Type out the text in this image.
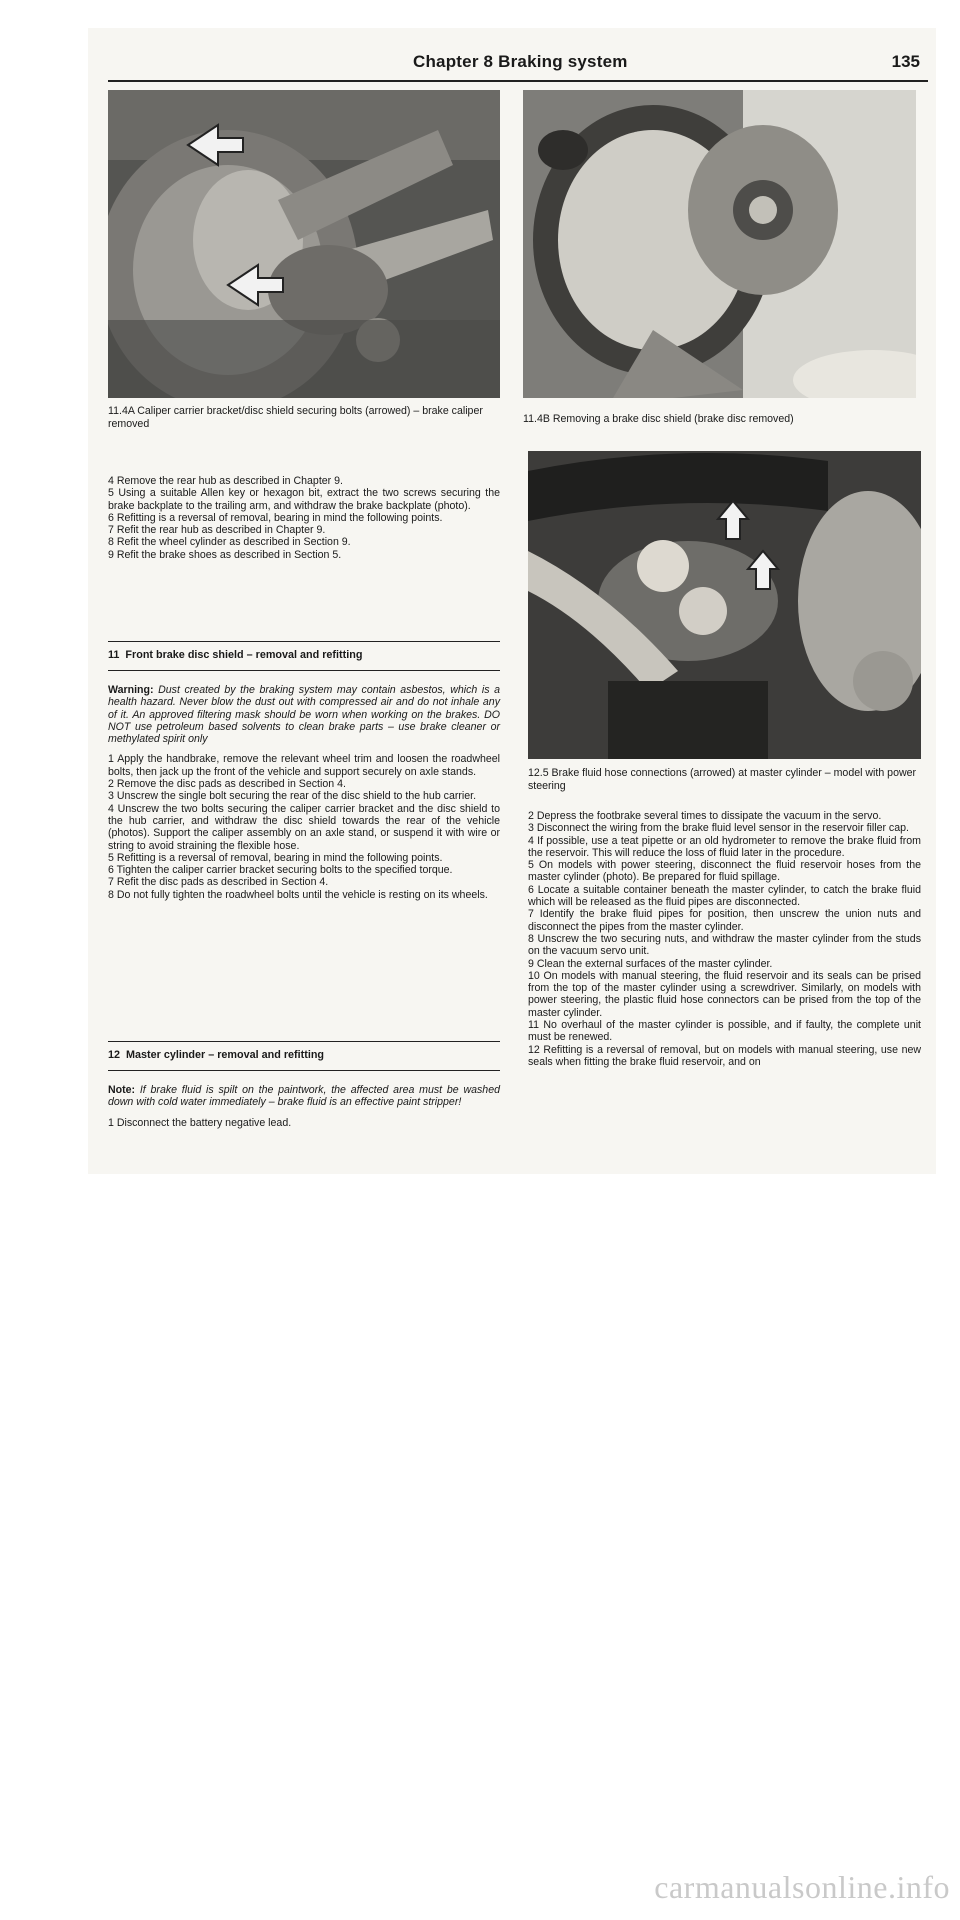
Chapter 8 Braking system	135
11.4A Caliper carrier bracket/disc shield securing bolts (arrowed) – brake caliper removed	11.4B Removing a brake disc shield (brake disc removed)
12.5 Brake fluid hose connections (arrowed) at master cylinder – model with power steering

4 Remove the rear hub as described in Chapter 9.

5 Using a suitable Allen key or hexagon bit, extract the two screws securing the brake backplate to the trailing arm, and withdraw the brake backplate (photo).

6 Refitting is a reversal of removal, bearing in mind the following points.

7 Refit the rear hub as described in Chapter 9.

8 Refit the wheel cylinder as described in Section 9.

9 Refit the brake shoes as described in Section 5.

11 Front brake disc shield – removal and refitting

Warning: Dust created by the braking system may contain asbestos, which is a health hazard. Never blow the dust out with compressed air and do not inhale any of it. An approved filtering mask should be worn when working on the brakes. DO NOT use petroleum based solvents to clean brake parts – use brake cleaner or methylated spirit only

1 Apply the handbrake, remove the relevant wheel trim and loosen the roadwheel bolts, then jack up the front of the vehicle and support securely on axle stands.

2 Remove the disc pads as described in Section 4.

3 Unscrew the single bolt securing the rear of the disc shield to the hub carrier.

4 Unscrew the two bolts securing the caliper carrier bracket and the disc shield to the hub carrier, and withdraw the disc shield towards the rear of the vehicle (photos). Support the caliper assembly on an axle stand, or suspend it with wire or string to avoid straining the flexible hose.

5 Refitting is a reversal of removal, bearing in mind the following points.

6 Tighten the caliper carrier bracket securing bolts to the specified torque.

7 Refit the disc pads as described in Section 4.

8 Do not fully tighten the roadwheel bolts until the vehicle is resting on its wheels.

12 Master cylinder – removal and refitting

Note: If brake fluid is spilt on the paintwork, the affected area must be washed down with cold water immediately – brake fluid is an effective paint stripper!

1 Disconnect the battery negative lead.

2 Depress the footbrake several times to dissipate the vacuum in the servo.

3 Disconnect the wiring from the brake fluid level sensor in the reservoir filler cap.

4 If possible, use a teat pipette or an old hydrometer to remove the brake fluid from the reservoir. This will reduce the loss of fluid later in the procedure.

5 On models with power steering, disconnect the fluid reservoir hoses from the master cylinder (photo). Be prepared for fluid spillage.

6 Locate a suitable container beneath the master cylinder, to catch the brake fluid which will be released as the fluid pipes are disconnected.

7 Identify the brake fluid pipes for position, then unscrew the union nuts and disconnect the pipes from the master cylinder.

8 Unscrew the two securing nuts, and withdraw the master cylinder from the studs on the vacuum servo unit.

9 Clean the external surfaces of the master cylinder.

10 On models with manual steering, the fluid reservoir and its seals can be prised from the top of the master cylinder using a screwdriver. Similarly, on models with power steering, the plastic fluid hose connectors can be prised from the top of the master cylinder.

11 No overhaul of the master cylinder is possible, and if faulty, the complete unit must be renewed.

12 Refitting is a reversal of removal, but on models with manual steering, use new seals when fitting the brake fluid reservoir, and on

carmanualsonline.info
